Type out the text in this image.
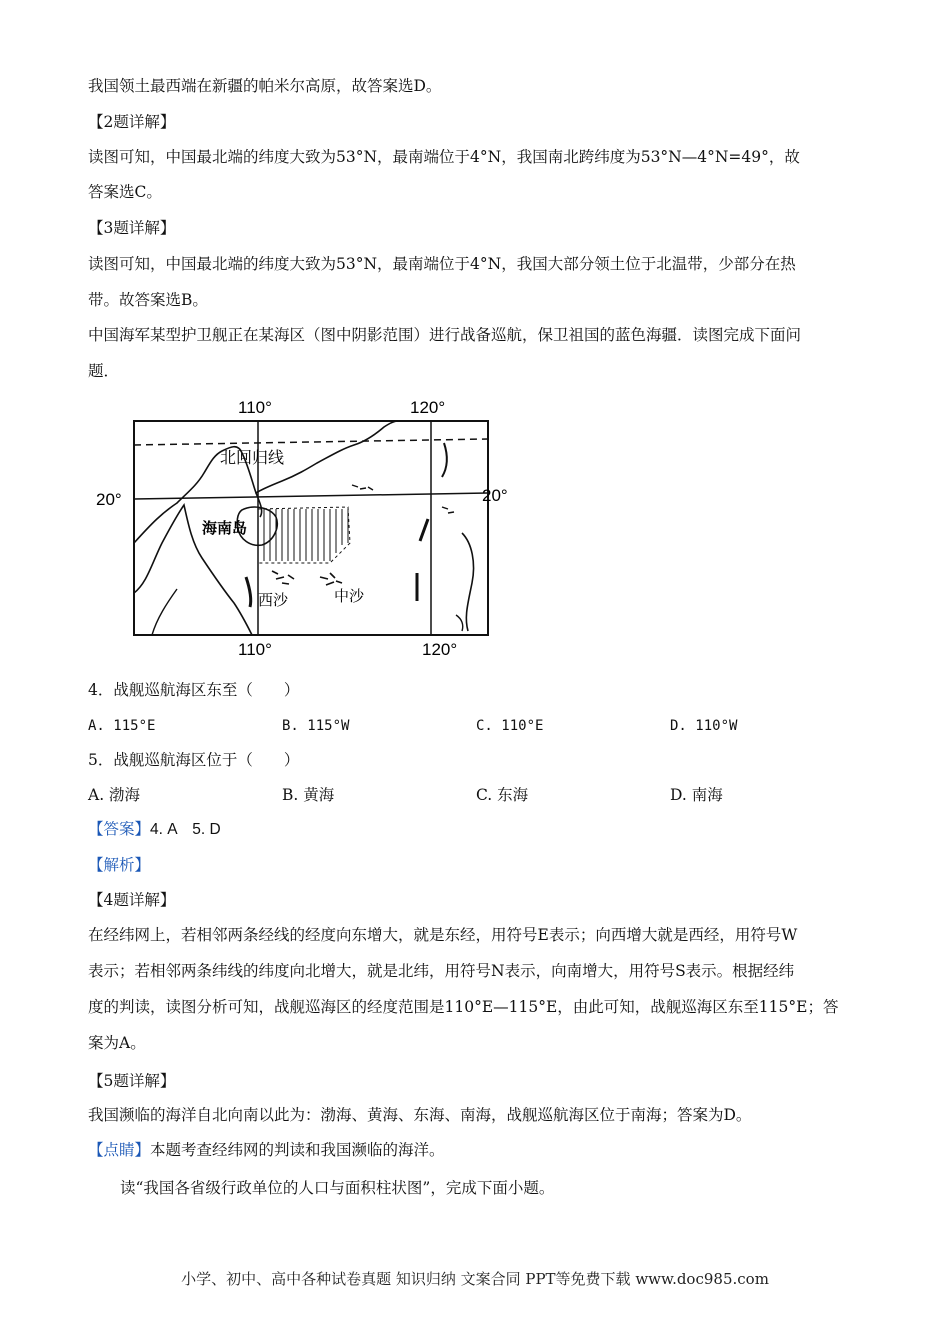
我国领土最西端在新疆的帕米尔高原，故答案选D。
【2题详解】
读图可知，中国最北端的纬度大致为53°N，最南端位于4°N，我国南北跨纬度为53°N—4°N=49°，故
答案选C。
【3题详解】
读图可知，中国最北端的纬度大致为53°N，最南端位于4°N，我国大部分领土位于北温带，少部分在热
带。故答案选B。
中国海军某型护卫舰正在某海区（图中阴影范围）进行战备巡航，保卫祖国的蓝色海疆．读图完成下面问
题．
110°	120°
110°	120°
20°	20°
北回归线
海南岛
西沙	中沙
4．战舰巡航海区东至（　　）
A. 115°E	B. 115°W	C. 110°E	D. 110°W
5．战舰巡航海区位于（　　）
A. 渤海	B. 黄海	C. 东海	D. 南海
【答案】4. A　5. D
【解析】
【4题详解】
在经纬网上，若相邻两条经线的经度向东增大，就是东经，用符号E表示；向西增大就是西经，用符号W
表示；若相邻两条纬线的纬度向北增大，就是北纬，用符号N表示，向南增大，用符号S表示。根据经纬
度的判读，读图分析可知，战舰巡海区的经度范围是110°E—115°E，由此可知，战舰巡海区东至115°E；答
案为A。
【5题详解】
我国濒临的海洋自北向南以此为：渤海、黄海、东海、南海，战舰巡航海区位于南海；答案为D。
【点睛】本题考查经纬网的判读和我国濒临的海洋。
读“我国各省级行政单位的人口与面积柱状图”，完成下面小题。
小学、初中、高中各种试卷真题 知识归纳 文案合同 PPT等免费下载 www.doc985.com
